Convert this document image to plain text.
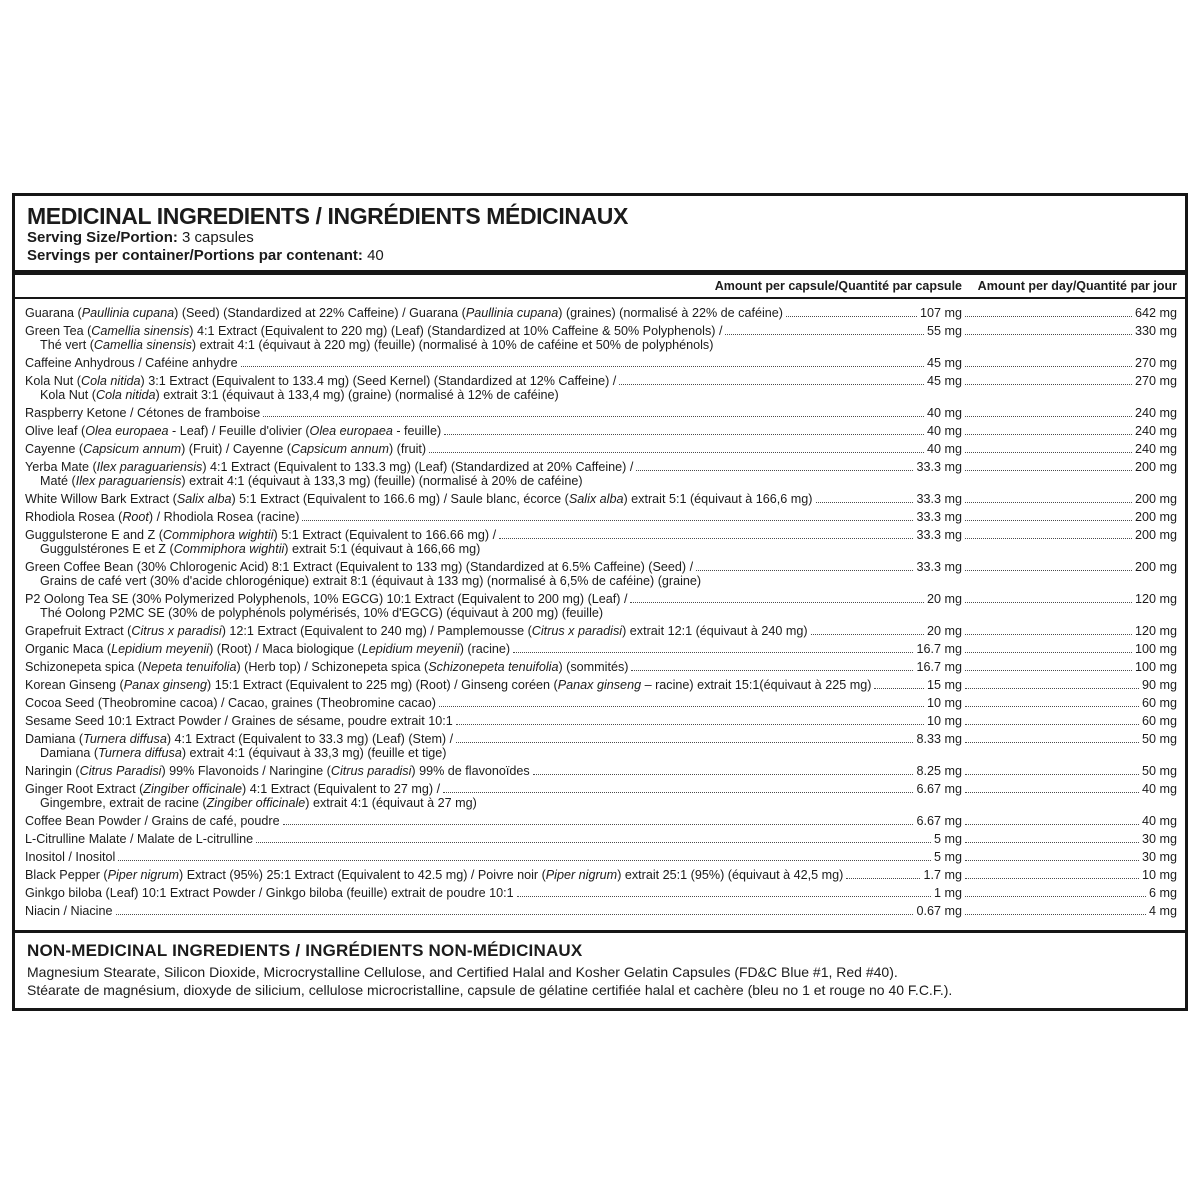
MEDICINAL INGREDIENTS / INGRÉDIENTS MÉDICINAUX
Serving Size/Portion: 3 capsules
Servings per container/Portions par contenant: 40
Amount per capsule/Quantité par capsule	Amount per day/Quantité par jour
Guarana (Paullinia cupana) (Seed) (Standardized at 22% Caffeine) / Guarana (Paullinia cupana) (graines) (normalisé à 22% de caféine)	107 mg	642 mg
Green Tea (Camellia sinensis) 4:1 Extract (Equivalent to 220 mg) (Leaf) (Standardized at 10% Caffeine & 50% Polyphenols) /	55 mg	330 mg
Thé vert (Camellia sinensis) extrait 4:1 (équivaut à 220 mg) (feuille) (normalisé à 10% de caféine et 50% de polyphénols)
Caffeine Anhydrous / Caféine anhydre	45 mg	270 mg
Kola Nut (Cola nitida) 3:1 Extract (Equivalent to 133.4 mg) (Seed Kernel) (Standardized at 12% Caffeine) /	45 mg	270 mg
Kola Nut (Cola nitida) extrait 3:1 (équivaut à 133,4 mg) (graine) (normalisé à 12% de caféine)
Raspberry Ketone / Cétones de framboise	40 mg	240 mg
Olive leaf (Olea europaea - Leaf) / Feuille d'olivier (Olea europaea - feuille)	40 mg	240 mg
Cayenne (Capsicum annum) (Fruit) / Cayenne (Capsicum annum) (fruit)	40 mg	240 mg
Yerba Mate (Ilex paraguariensis) 4:1 Extract (Equivalent to 133.3 mg) (Leaf) (Standardized at 20% Caffeine) /	33.3 mg	200 mg
Maté (Ilex paraguariensis) extrait 4:1 (équivaut à 133,3 mg) (feuille) (normalisé à 20% de caféine)
White Willow Bark Extract (Salix alba) 5:1 Extract (Equivalent to 166.6 mg) / Saule blanc, écorce (Salix alba) extrait 5:1 (équivaut à 166,6 mg)	33.3 mg	200 mg
Rhodiola Rosea (Root) / Rhodiola Rosea (racine)	33.3 mg	200 mg
Guggulsterone E and Z (Commiphora wightii) 5:1 Extract (Equivalent to 166.66 mg) /	33.3 mg	200 mg
Guggulstérones E et Z (Commiphora wightii) extrait 5:1 (équivaut à 166,66 mg)
Green Coffee Bean (30% Chlorogenic Acid) 8:1 Extract (Equivalent to 133 mg) (Standardized at 6.5% Caffeine) (Seed) /	33.3 mg	200 mg
Grains de café vert (30% d'acide chlorogénique) extrait 8:1 (équivaut à 133 mg) (normalisé à 6,5% de caféine) (graine)
P2 Oolong Tea SE (30% Polymerized Polyphenols, 10% EGCG) 10:1 Extract (Equivalent to 200 mg) (Leaf) /	20 mg	120 mg
Thé Oolong P2MC SE (30% de polyphénols polymérisés, 10% d'EGCG) (équivaut à 200 mg) (feuille)
Grapefruit Extract (Citrus x paradisi) 12:1 Extract (Equivalent to 240 mg) / Pamplemousse (Citrus x paradisi) extrait 12:1 (équivaut à 240 mg)	20 mg	120 mg
Organic Maca (Lepidium meyenii) (Root) / Maca biologique (Lepidium meyenii) (racine)	16.7 mg	100 mg
Schizonepeta spica (Nepeta tenuifolia) (Herb top) / Schizonepeta spica (Schizonepeta tenuifolia) (sommités)	16.7 mg	100 mg
Korean Ginseng (Panax ginseng) 15:1 Extract (Equivalent to 225 mg) (Root) / Ginseng coréen (Panax ginseng – racine) extrait 15:1(équivaut à 225 mg)	15 mg	90 mg
Cocoa Seed (Theobromine cacoa) / Cacao, graines (Theobromine cacao)	10 mg	60 mg
Sesame Seed 10:1 Extract Powder / Graines de sésame, poudre extrait 10:1	10 mg	60 mg
Damiana (Turnera diffusa) 4:1 Extract (Equivalent to 33.3 mg) (Leaf) (Stem) /	8.33 mg	50 mg
Damiana (Turnera diffusa) extrait 4:1 (équivaut à 33,3 mg) (feuille et tige)
Naringin (Citrus Paradisi) 99% Flavonoids / Naringine (Citrus paradisi) 99% de flavonoïdes	8.25 mg	50 mg
Ginger Root Extract (Zingiber officinale) 4:1 Extract (Equivalent to 27 mg) /	6.67 mg	40 mg
Gingembre, extrait de racine (Zingiber officinale) extrait 4:1 (équivaut à 27 mg)
Coffee Bean Powder / Grains de café, poudre	6.67 mg	40 mg
L-Citrulline Malate / Malate de L-citrulline	5 mg	30 mg
Inositol / Inositol	5 mg	30 mg
Black Pepper (Piper nigrum) Extract (95%) 25:1 Extract (Equivalent to 42.5 mg) / Poivre noir (Piper nigrum) extrait 25:1 (95%) (équivaut à 42,5 mg)	1.7 mg	10 mg
Ginkgo biloba (Leaf) 10:1 Extract Powder / Ginkgo biloba (feuille) extrait de poudre 10:1	1 mg	6 mg
Niacin / Niacine	0.67 mg	4 mg
NON-MEDICINAL INGREDIENTS / INGRÉDIENTS NON-MÉDICINAUX
Magnesium Stearate, Silicon Dioxide, Microcrystalline Cellulose, and Certified Halal and Kosher Gelatin Capsules (FD&C Blue #1, Red #40).
Stéarate de magnésium, dioxyde de silicium, cellulose microcristalline, capsule de gélatine certifiée halal et cachère (bleu no 1 et rouge no 40 F.C.F.).
